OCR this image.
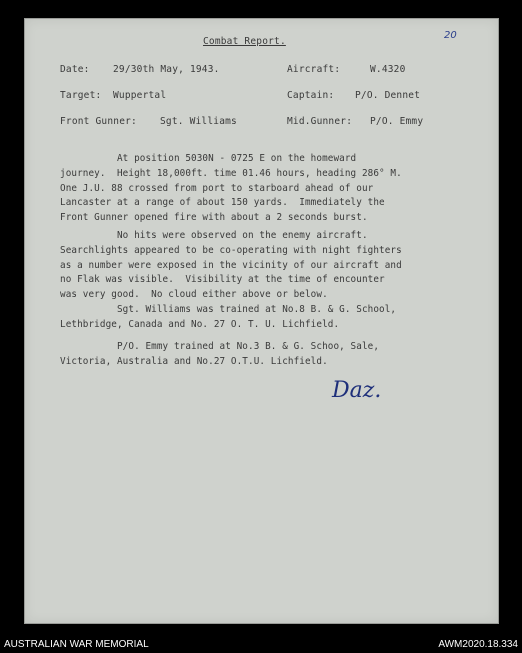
20
Combat Report.
Date: 29/30th May, 1943.	Aircraft:	W.4320
Target: Wuppertal	Captain: P/O. Dennet
Front Gunner: Sgt. Williams	Mid.Gunner: P/O. Emmy

At position 5030N - 0725 E on the homeward

journey.  Height 18,000ft. time 01.46 hours, heading 286° M.

One J.U. 88 crossed from port to starboard ahead of our

Lancaster at a range of about 150 yards.  Immediately the

Front Gunner opened fire with about a 2 seconds burst.

No hits were observed on the enemy aircraft.

Searchlights appeared to be co-operating with night fighters

as a number were exposed in the vicinity of our aircraft and

no Flak was visible.  Visibility at the time of encounter

was very good.  No cloud either above or below.

Sgt. Williams was trained at No.8 B. & G. School,

Lethbridge, Canada and No. 27 O. T. U. Lichfield.

P/O. Emmy trained at No.3 B. & G. Schoo, Sale,

Victoria, Australia and No.27 O.T.U. Lichfield.

Daz.
AUSTRALIAN WAR MEMORIAL	AWM2020.18.334
